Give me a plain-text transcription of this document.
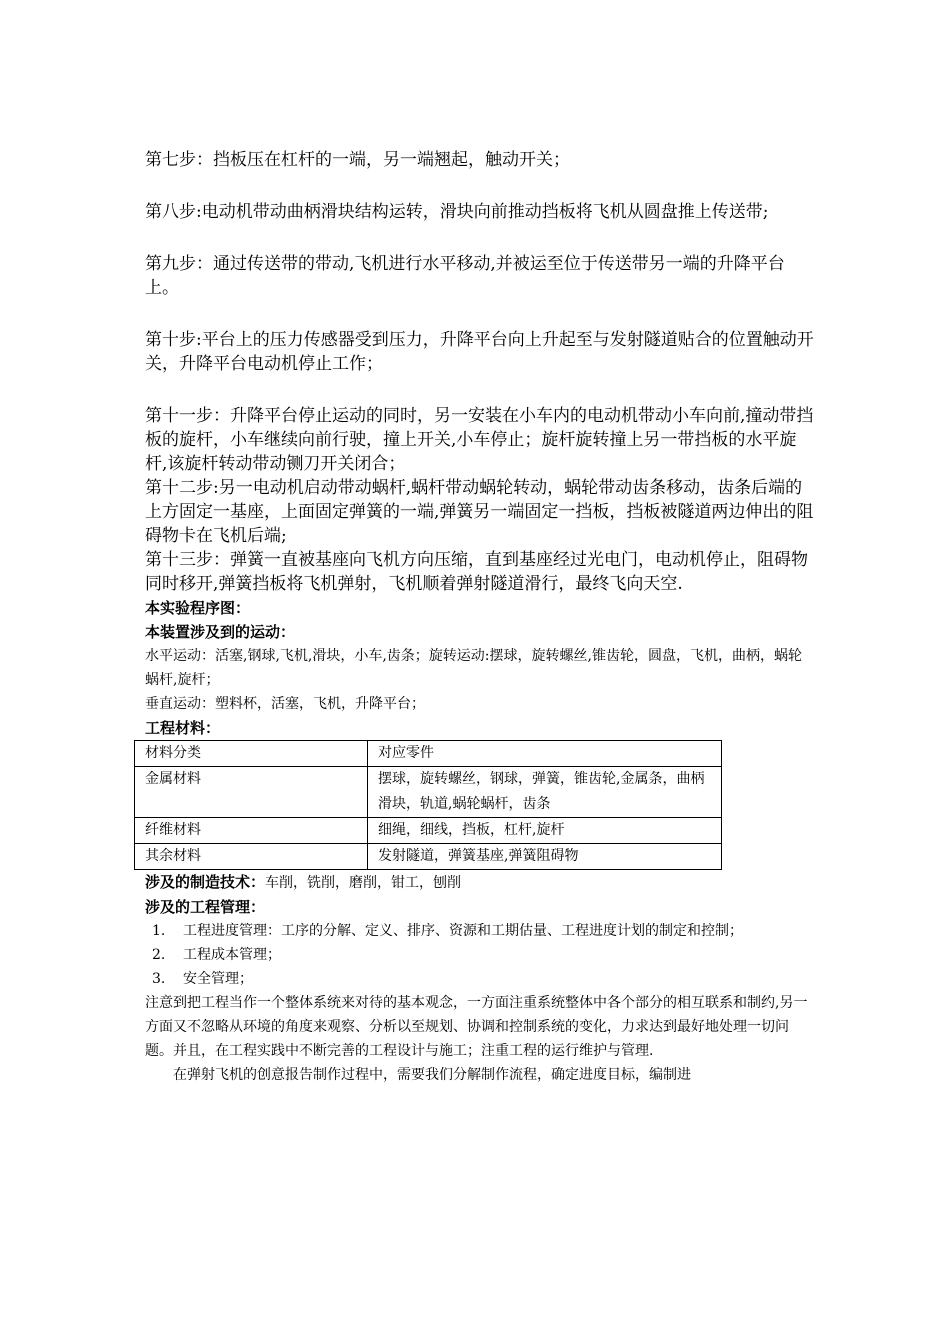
第七步：挡板压在杠杆的一端，另一端翘起，触动开关；

第八步:电动机带动曲柄滑块结构运转，滑块向前推动挡板将飞机从圆盘推上传送带;

第九步：通过传送带的带动,飞机进行水平移动,并被运至位于传送带另一端的升降平台上。

第十步:平台上的压力传感器受到压力，升降平台向上升起至与发射隧道贴合的位置触动开关，升降平台电动机停止工作；

第十一步：升降平台停止运动的同时，另一安装在小车内的电动机带动小车向前,撞动带挡板的旋杆，小车继续向前行驶，撞上开关,小车停止；旋杆旋转撞上另一带挡板的水平旋杆,该旋杆转动带动铡刀开关闭合；

第十二步:另一电动机启动带动蜗杆,蜗杆带动蜗轮转动，蜗轮带动齿条移动，齿条后端的上方固定一基座，上面固定弹簧的一端,弹簧另一端固定一挡板，挡板被隧道两边伸出的阻碍物卡在飞机后端;

第十三步：弹簧一直被基座向飞机方向压缩，直到基座经过光电门，电动机停止，阻碍物同时移开,弹簧挡板将飞机弹射，飞机顺着弹射隧道滑行，最终飞向天空.

本实验程序图：

本装置涉及到的运动：

水平运动：活塞,钢球,飞机,滑块，小车,齿条；旋转运动:摆球，旋转螺丝,锥齿轮，圆盘，飞机，曲柄，蜗轮蜗杆,旋杆；

垂直运动：塑料杯，活塞，飞机，升降平台；

工程材料：

材料分类	对应零件
金属材料	摆球，旋转螺丝，钢球，弹簧，锥齿轮,金属条，曲柄滑块，轨道,蜗轮蜗杆，齿条
纤维材料	细绳，细线，挡板，杠杆,旋杆
其余材料	发射隧道，弹簧基座,弹簧阻碍物

涉及的制造技术：车削，铣削，磨削，钳工，刨削

涉及的工程管理：

1.	工程进度管理：工序的分解、定义、排序、资源和工期估量、工程进度计划的制定和控制；
2.	工程成本管理；
3.	安全管理；

注意到把工程当作一个整体系统来对待的基本观念，一方面注重系统整体中各个部分的相互联系和制约,另一方面又不忽略从环境的角度来观察、分析以至规划、协调和控制系统的变化，力求达到最好地处理一切问题。并且，在工程实践中不断完善的工程设计与施工；注重工程的运行维护与管理.

在弹射飞机的创意报告制作过程中，需要我们分解制作流程，确定进度目标，编制进
